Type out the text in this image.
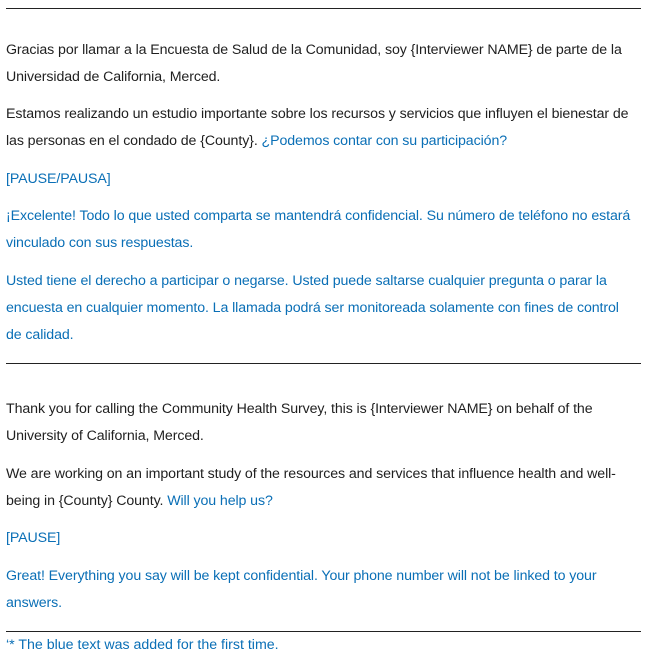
Gracias por llamar a la Encuesta de Salud de la Comunidad, soy {Interviewer NAME} de parte de la Universidad de California, Merced.

Estamos realizando un estudio importante sobre los recursos y servicios que influyen el bienestar de las personas en el condado de {County}. ¿Podemos contar con su participación?

[PAUSE/PAUSA]

¡Excelente! Todo lo que usted comparta se mantendrá confidencial. Su número de teléfono no estará vinculado con sus respuestas.

Usted tiene el derecho a participar o negarse. Usted puede saltarse cualquier pregunta o parar la encuesta en cualquier momento. La llamada podrá ser monitoreada solamente con fines de control de calidad.

Thank you for calling the Community Health Survey, this is {Interviewer NAME} on behalf of the University of California, Merced.

We are working on an important study of the resources and services that influence health and well-being in {County} County. Will you help us?

[PAUSE]

Great! Everything you say will be kept confidential. Your phone number will not be linked to your answers.

‘* The blue text was added for the first time.
